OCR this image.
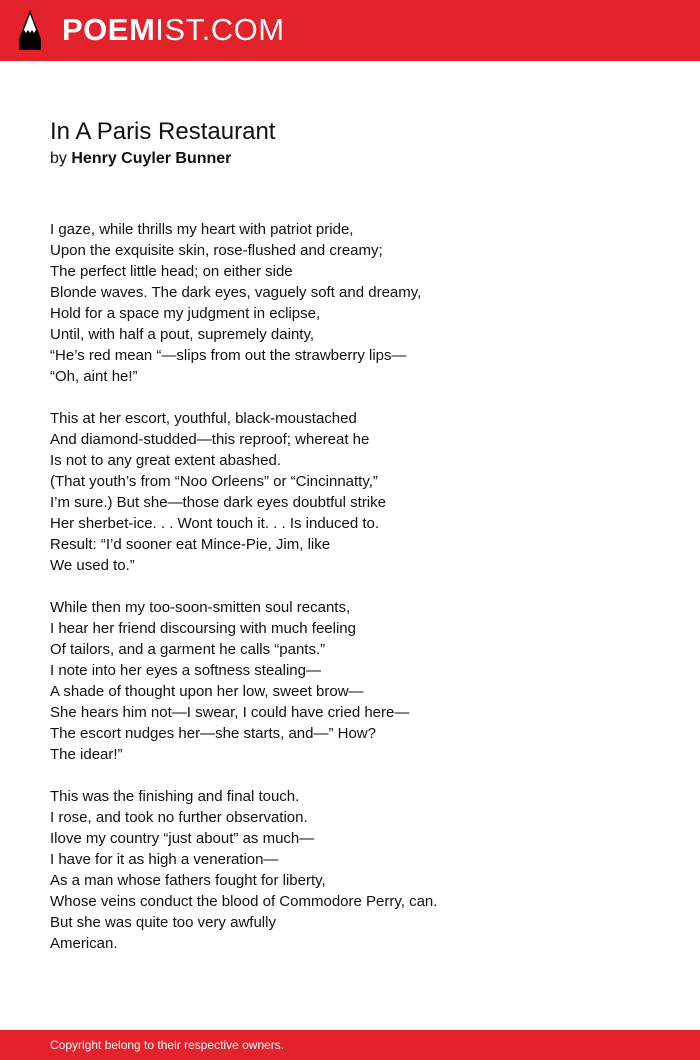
POEMIST.COM
In A Paris Restaurant

by Henry Cuyler Bunner

I gaze, while thrills my heart with patriot pride,
Upon the exquisite skin, rose-flushed and creamy;
The perfect little head; on either side
Blonde waves. The dark eyes, vaguely soft and dreamy,
Hold for a space my judgment in eclipse,
Until, with half a pout, supremely dainty,
“He’s red mean “—slips from out the strawberry lips—
“Oh, aint he!”
This at her escort, youthful, black-moustached
And diamond-studded—this reproof; whereat he
Is not to any great extent abashed.
(That youth’s from “Noo Orleens” or “Cincinnatty,”
I’m sure.) But she—those dark eyes doubtful strike
Her sherbet-ice. . . Wont touch it. . . Is induced to.
Result: “I’d sooner eat Mince-Pie, Jim, like
We used to.”
While then my too-soon-smitten soul recants,
I hear her friend discoursing with much feeling
Of tailors, and a garment he calls “pants.”
I note into her eyes a softness stealing—
A shade of thought upon her low, sweet brow—
She hears him not—I swear, I could have cried here—
The escort nudges her—she starts, and—” How?
The idear!”
This was the finishing and final touch.
I rose, and took no further observation.
Ilove my country “just about” as much—
I have for it as high a veneration—
As a man whose fathers fought for liberty,
Whose veins conduct the blood of Commodore Perry, can.
But she was quite too very awfully
American.
Copyright belong to their respective owners.
